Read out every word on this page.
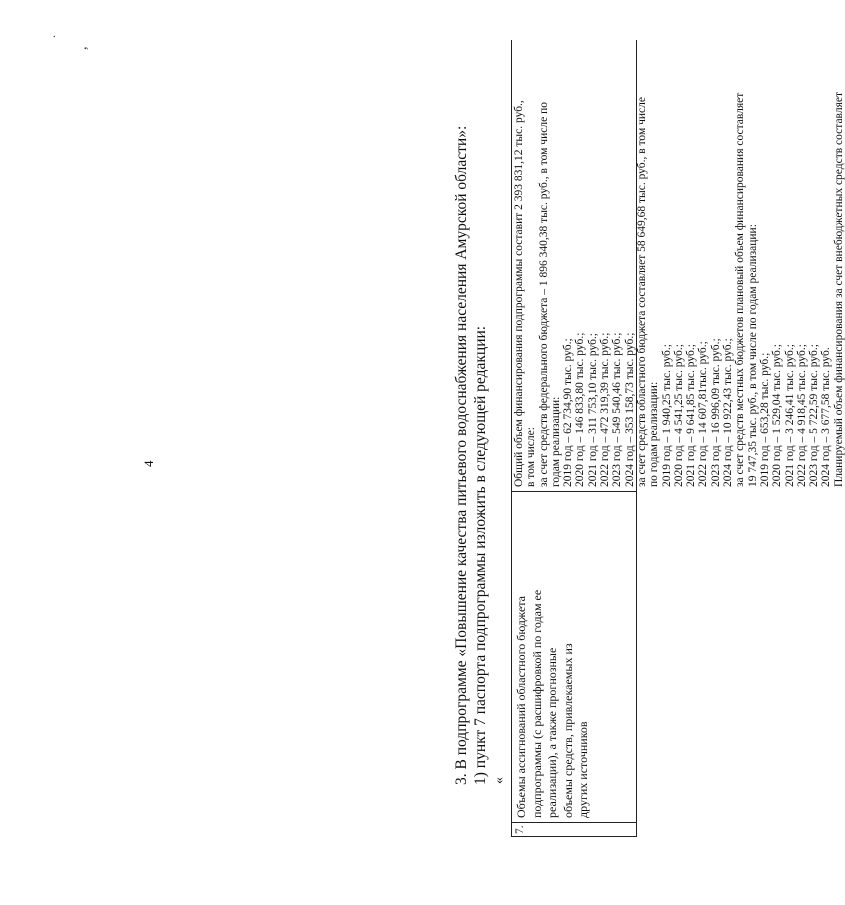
4
.
,
3. В подпрограмме «Повышение качества питьевого водоснабжения населения Амурской области»: 1) пункт 7 паспорта подпрограммы изложить в следующей редакции: «
7.
Объемы ассигнований областного бюджета подпрограммы (с расшифровкой по годам ее реализации), а также прогнозные объемы средств, привлекаемых из других источников
Общий объем финансирования подпрограммы составит 2 393 831,12 тыс. руб., в том числе: за счет средств федерального бюджета – 1 896 340,38 тыс. руб., в том числе по годам реализации: 2019 год – 62 734,90 тыс. руб.; 2020 год – 146 833,80 тыс. руб.; 2021 год – 311 753,10 тыс. руб.; 2022 год – 472 319,39 тыс. руб.; 2023 год – 549 540,46 тыс. руб.; 2024 год – 353 158,73 тыс. руб.; за счет средств областного бюджета составляет 58 649,68 тыс. руб., в том числе по годам реализации: 2019 год – 1 940,25 тыс. руб.; 2020 год – 4 541,25 тыс. руб.; 2021 год – 9 641,85 тыс. руб.; 2022 год – 14 607,81тыс. руб.; 2023 год – 16 996,09 тыс. руб.; 2024 год – 10 922,43 тыс. руб.; за счет средств местных бюджетов плановый объем финансирования составляет 19 747,35 тыс. руб., в том числе по годам реализации: 2019 год – 653,28 тыс. руб.; 2020 год – 1 529,04 тыс. руб.; 2021 год – 3 246,41 тыс. руб.; 2022 год – 4 918,45 тыс. руб.; 2023 год – 5 722,59 тыс. руб.; 2024 год – 3 677,58 тыс. руб. Планируемый объем финансирования за счет внебюджетных средств составляет
